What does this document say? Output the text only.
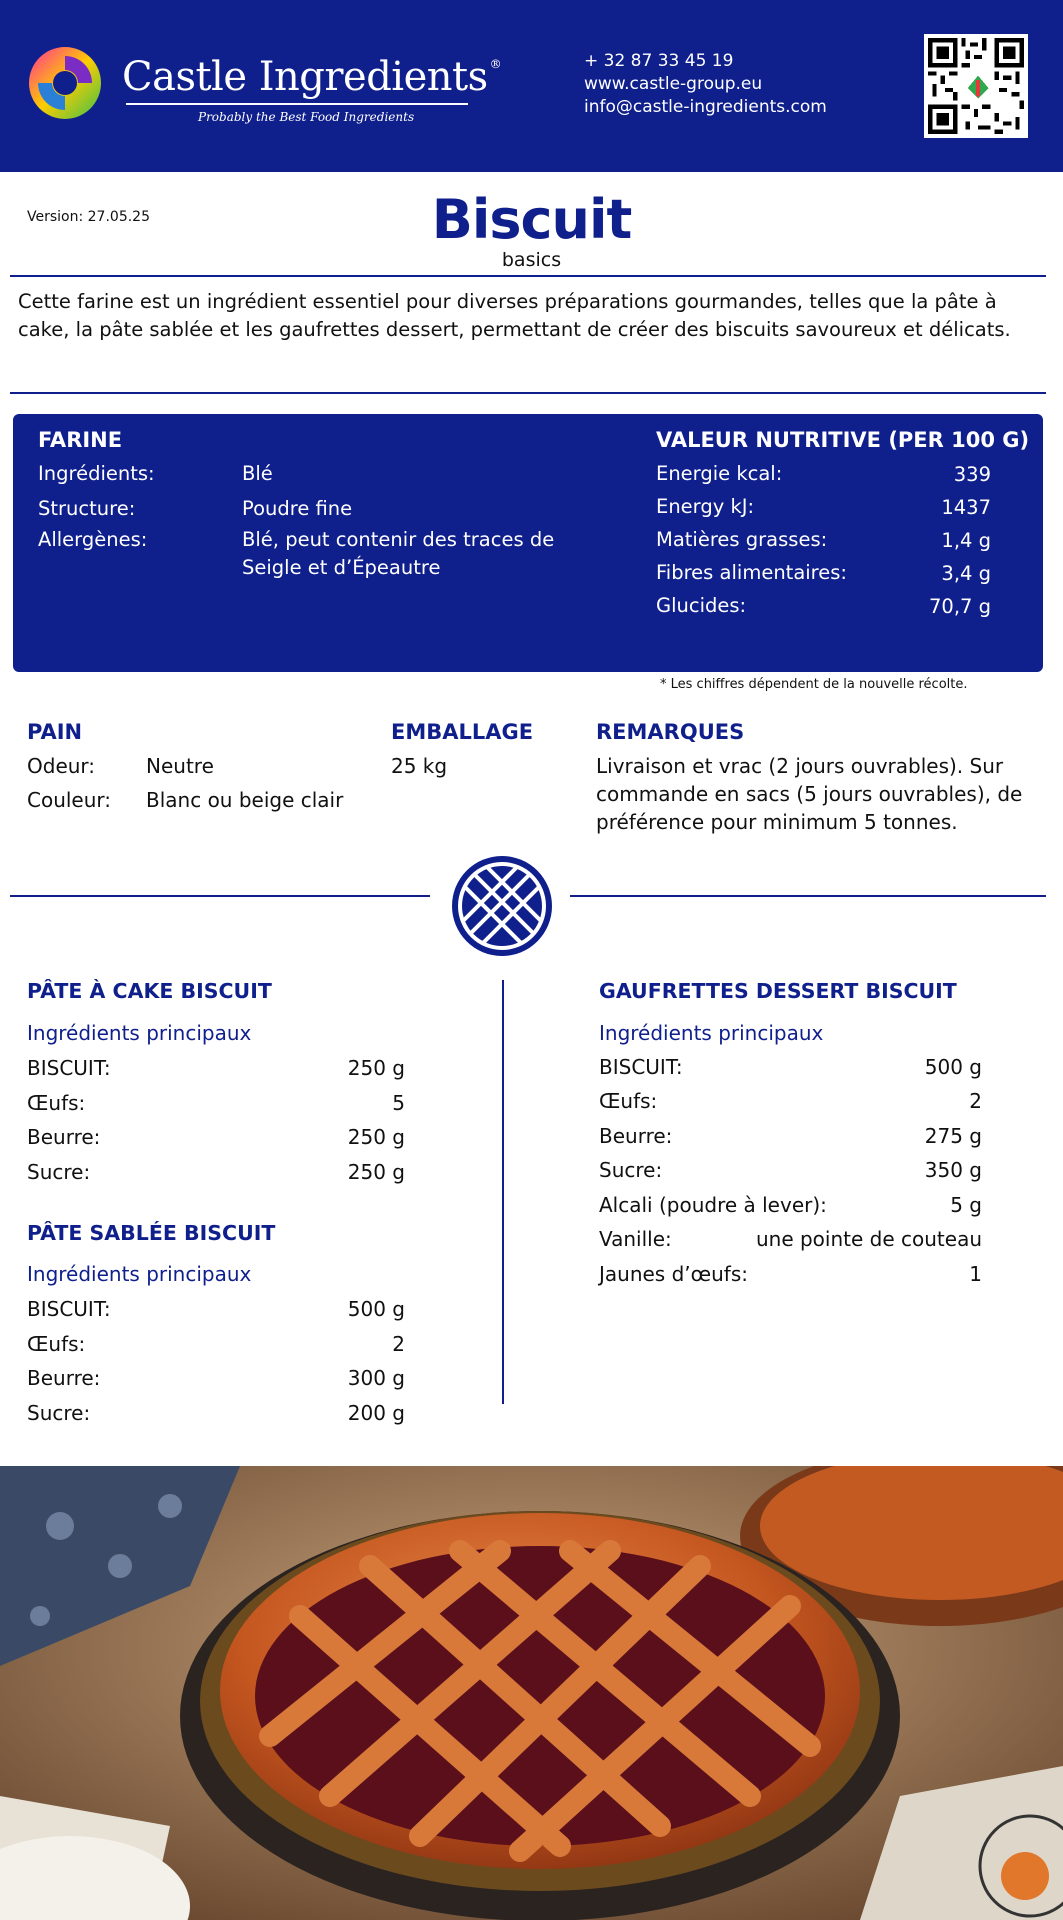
Castle Ingredients ®
Probably the Best Food Ingredients
+ 32 87 33 45 19
www.castle-group.eu
info@castle-ingredients.com
Version: 27.05.25	Biscuit
basics
Cette farine est un ingrédient essentiel pour diverses préparations gourmandes, telles que la pâte à cake, la pâte sablée et les gaufrettes dessert, permettant de créer des biscuits savoureux et délicats.
FARINE
Ingrédients:	Blé
Structure:	Poudre fine
Allergènes:	Blé, peut contenir des traces de
Seigle et d’Épeautre
VALEUR NUTRITIVE (PER 100 G)
Energie kcal:	339
Energy kJ:	1437
Matières grasses:	1,4 g
Fibres alimentaires:	3,4 g
Glucides:	70,7 g
* Les chiffres dépendent de la nouvelle récolte.
PAIN
Odeur:	Neutre
Couleur: Blanc ou beige clair
EMBALLAGE
25 kg
REMARQUES
Livraison et vrac (2 jours ouvrables). Sur commande en sacs (5 jours ouvrables), de préférence pour minimum 5 tonnes.
PÂTE À CAKE BISCUIT
Ingrédients principaux
BISCUIT:	250 g
Œufs:	5
Beurre:	250 g
Sucre:	250 g
PÂTE SABLÉE BISCUIT
Ingrédients principaux
BISCUIT:	500 g
Œufs:	2
Beurre:	300 g
Sucre:	200 g
GAUFRETTES DESSERT BISCUIT
Ingrédients principaux
BISCUIT:	500 g
Œufs:	2
Beurre:	275 g
Sucre:	350 g
Alcali (poudre à lever):	5 g
Vanille:	une pointe de couteau
Jaunes d’œufs:	1
